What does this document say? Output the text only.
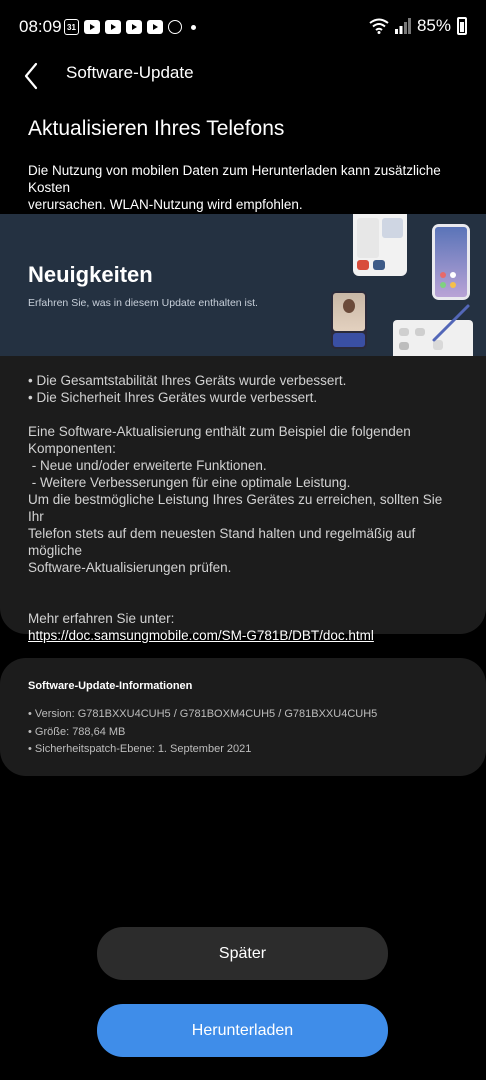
08:09 31	85%
Software-Update
Aktualisieren Ihres Telefons
Die Nutzung von mobilen Daten zum Herunterladen kann zusätzliche Kosten
verursachen. WLAN-Nutzung wird empfohlen.
Neuigkeiten
Erfahren Sie, was in diesem Update enthalten ist.
• Die Gesamtstabilität Ihres Geräts wurde verbessert.
• Die Sicherheit Ihres Gerätes wurde verbessert.
Eine Software-Aktualisierung enthält zum Beispiel die folgenden
Komponenten:
- Neue und/oder erweiterte Funktionen.
- Weitere Verbesserungen für eine optimale Leistung.
Um die bestmögliche Leistung Ihres Gerätes zu erreichen, sollten Sie Ihr
Telefon stets auf dem neuesten Stand halten und regelmäßig auf mögliche
Software-Aktualisierungen prüfen.
Mehr erfahren Sie unter:
https://doc.samsungmobile.com/SM-G781B/DBT/doc.html
Software-Update-Informationen
• Version: G781BXXU4CUH5 / G781BOXM4CUH5 / G781BXXU4CUH5
• Größe: 788,64 MB
• Sicherheitspatch-Ebene: 1. September 2021
Später
Herunterladen
